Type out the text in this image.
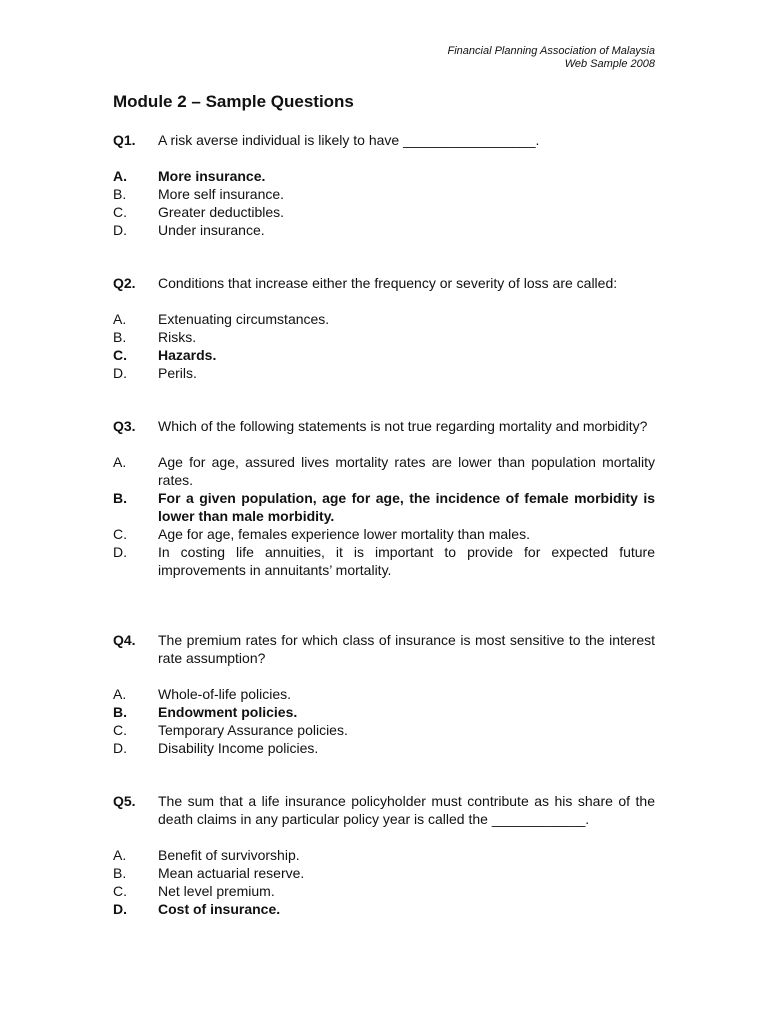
Financial Planning Association of Malaysia
Web Sample 2008
Module 2 – Sample Questions
Q1.	A risk averse individual is likely to have _________________.
A.	More insurance.
B.	More self insurance.
C.	Greater deductibles.
D.	Under insurance.
Q2.	Conditions that increase either the frequency or severity of loss are called:
A.	Extenuating circumstances.
B.	Risks.
C.	Hazards.
D.	Perils.
Q3.	Which of the following statements is not true regarding mortality and morbidity?
A.	Age for age, assured lives mortality rates are lower than population mortality rates.
B.	For a given population, age for age, the incidence of female morbidity is lower than male morbidity.
C.	Age for age, females experience lower mortality than males.
D.	In costing life annuities, it is important to provide for expected future improvements in annuitants’ mortality.
Q4.	The premium rates for which class of insurance is most sensitive to the interest rate assumption?
A.	Whole-of-life policies.
B.	Endowment policies.
C.	Temporary Assurance policies.
D.	Disability Income policies.
Q5.	The sum that a life insurance policyholder must contribute as his share of the death claims in any particular policy year is called the ____________.
A.	Benefit of survivorship.
B.	Mean actuarial reserve.
C.	Net level premium.
D.	Cost of insurance.
